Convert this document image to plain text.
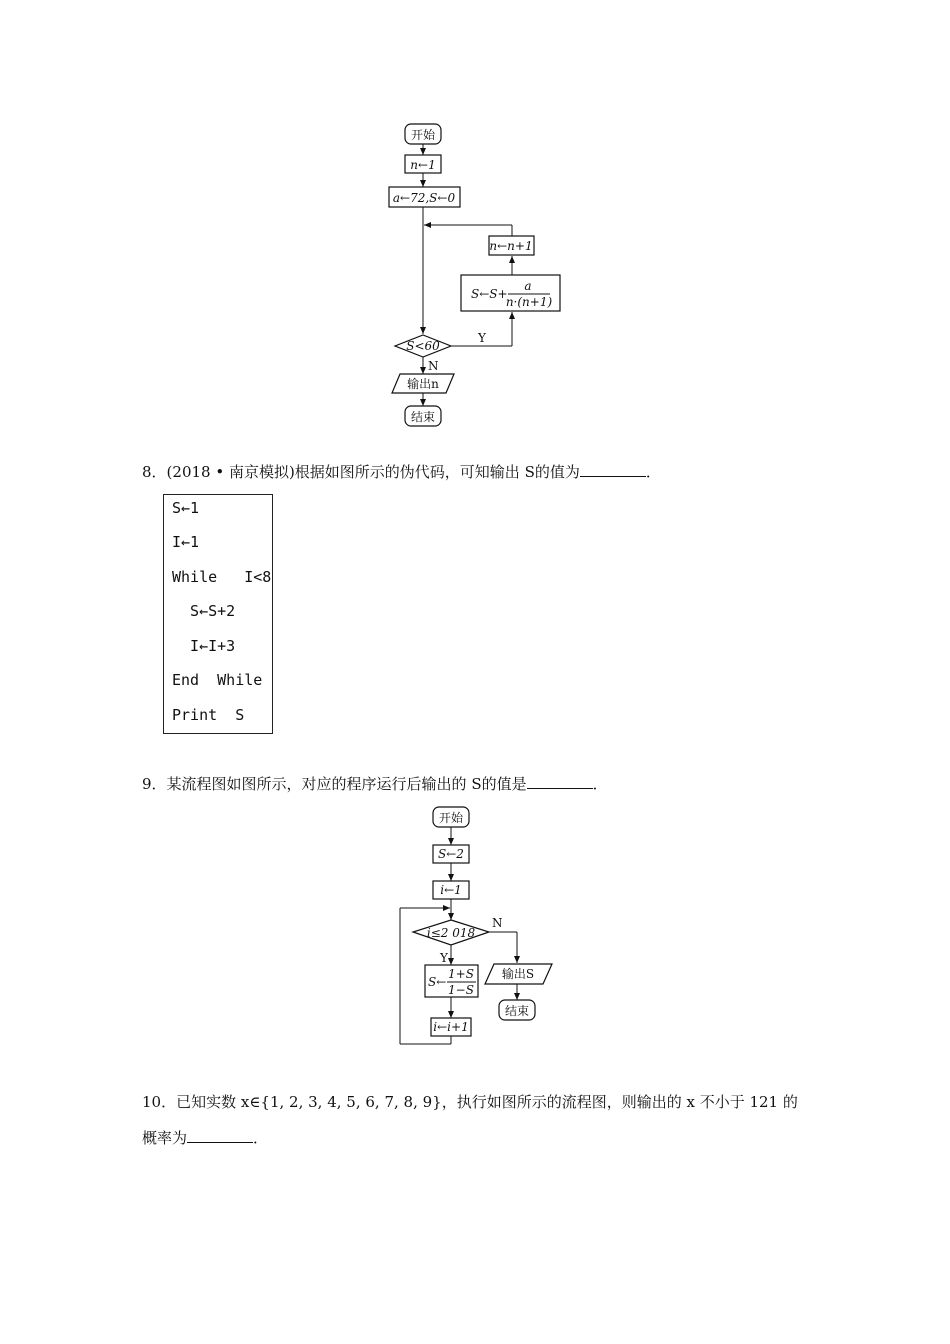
开始
n←1
a←72,S←0
n←n+1
S←S+
a
n·(n+1)
Y
S<60
N
输出n
结束
8．(2018 • 南京模拟)根据如图所示的伪代码，可知输出 S的值为	．
S←1
I←1
While   I<8
S←S+2
I←I+3
End  While
Print  S
9．某流程图如图所示，对应的程序运行后输出的 S的值是	．
开始
S←2
i←1
i≤2 018
N
Y
S←
1+S
1−S
i←i+1
输出S
结束
10．已知实数 x∈{1, 2, 3, 4, 5, 6, 7, 8, 9}，执行如图所示的流程图，则输出的 x 不小于 121 的
概率为	．
